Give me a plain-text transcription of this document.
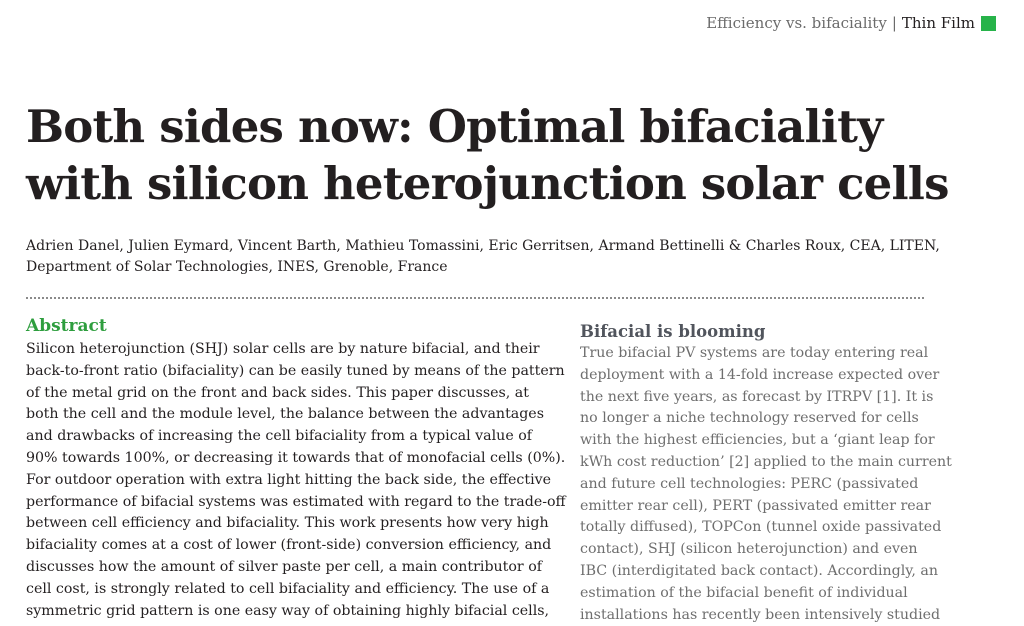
Efficiency vs. bifaciality | Thin Film
Both sides now: Optimal bifaciality
with silicon heterojunction solar cells

Adrien Danel, Julien Eymard, Vincent Barth, Mathieu Tomassini, Eric Gerritsen, Armand Bettinelli & Charles Roux, CEA, LITEN,
Department of Solar Technologies, INES, Grenoble, France

Abstract

Silicon heterojunction (SHJ) solar cells are by nature bifacial, and their
back-to-front ratio (bifaciality) can be easily tuned by means of the pattern
of the metal grid on the front and back sides. This paper discusses, at
both the cell and the module level, the balance between the advantages
and drawbacks of increasing the cell bifaciality from a typical value of
90% towards 100%, or decreasing it towards that of monofacial cells (0%).
For outdoor operation with extra light hitting the back side, the effective
performance of bifacial systems was estimated with regard to the trade-off
between cell efficiency and bifaciality. This work presents how very high
bifaciality comes at a cost of lower (front-side) conversion efficiency, and
discusses how the amount of silver paste per cell, a main contributor of
cell cost, is strongly related to cell bifaciality and efficiency. The use of a
symmetric grid pattern is one easy way of obtaining highly bifacial cells,

Bifacial is blooming

True bifacial PV systems are today entering real
deployment with a 14-fold increase expected over
the next five years, as forecast by ITRPV [1]. It is
no longer a niche technology reserved for cells
with the highest efficiencies, but a ‘giant leap for
kWh cost reduction’ [2] applied to the main current
and future cell technologies: PERC (passivated
emitter rear cell), PERT (passivated emitter rear
totally diffused), TOPCon (tunnel oxide passivated
contact), SHJ (silicon heterojunction) and even
IBC (interdigitated back contact). Accordingly, an
estimation of the bifacial benefit of individual
installations has recently been intensively studied
